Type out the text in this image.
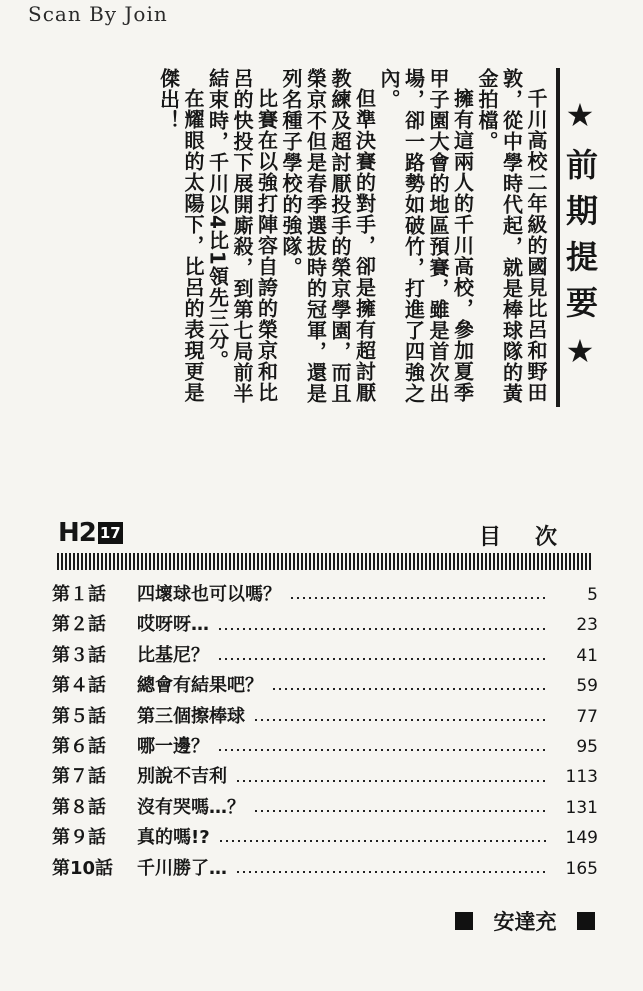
Scan By Join
★前期提要★

千川高校二年級的國見比呂和野田敦，從中學時代起，就是棒球隊的黃金拍檔。

擁有這兩人的千川高校，參加夏季甲子園大會的地區預賽，雖是首次出場，卻一路勢如破竹，打進了四強之內。

但準決賽的對手，卻是擁有超討厭教練及超討厭投手的榮京學園，而且榮京不但是春季選拔時的冠軍，還是列名種子學校的強隊。

比賽在以強打陣容自誇的榮京和比呂的快投下展開廝殺，到第七局前半結束時，千川以4比1領先三分。

在耀眼的太陽下，比呂的表現更是傑出！

H2 17	目次
第１話	四壞球也可以嗎？	5
第２話	哎呀呀…	23
第３話	比基尼？	41
第４話	總會有結果吧？	59
第５話	第三個擦棒球	77
第６話	哪一邊？	95
第７話	別說不吉利	113
第８話	沒有哭嗎…？	131
第９話	真的嗎!?	149
第10話	千川勝了…	165
安達充
